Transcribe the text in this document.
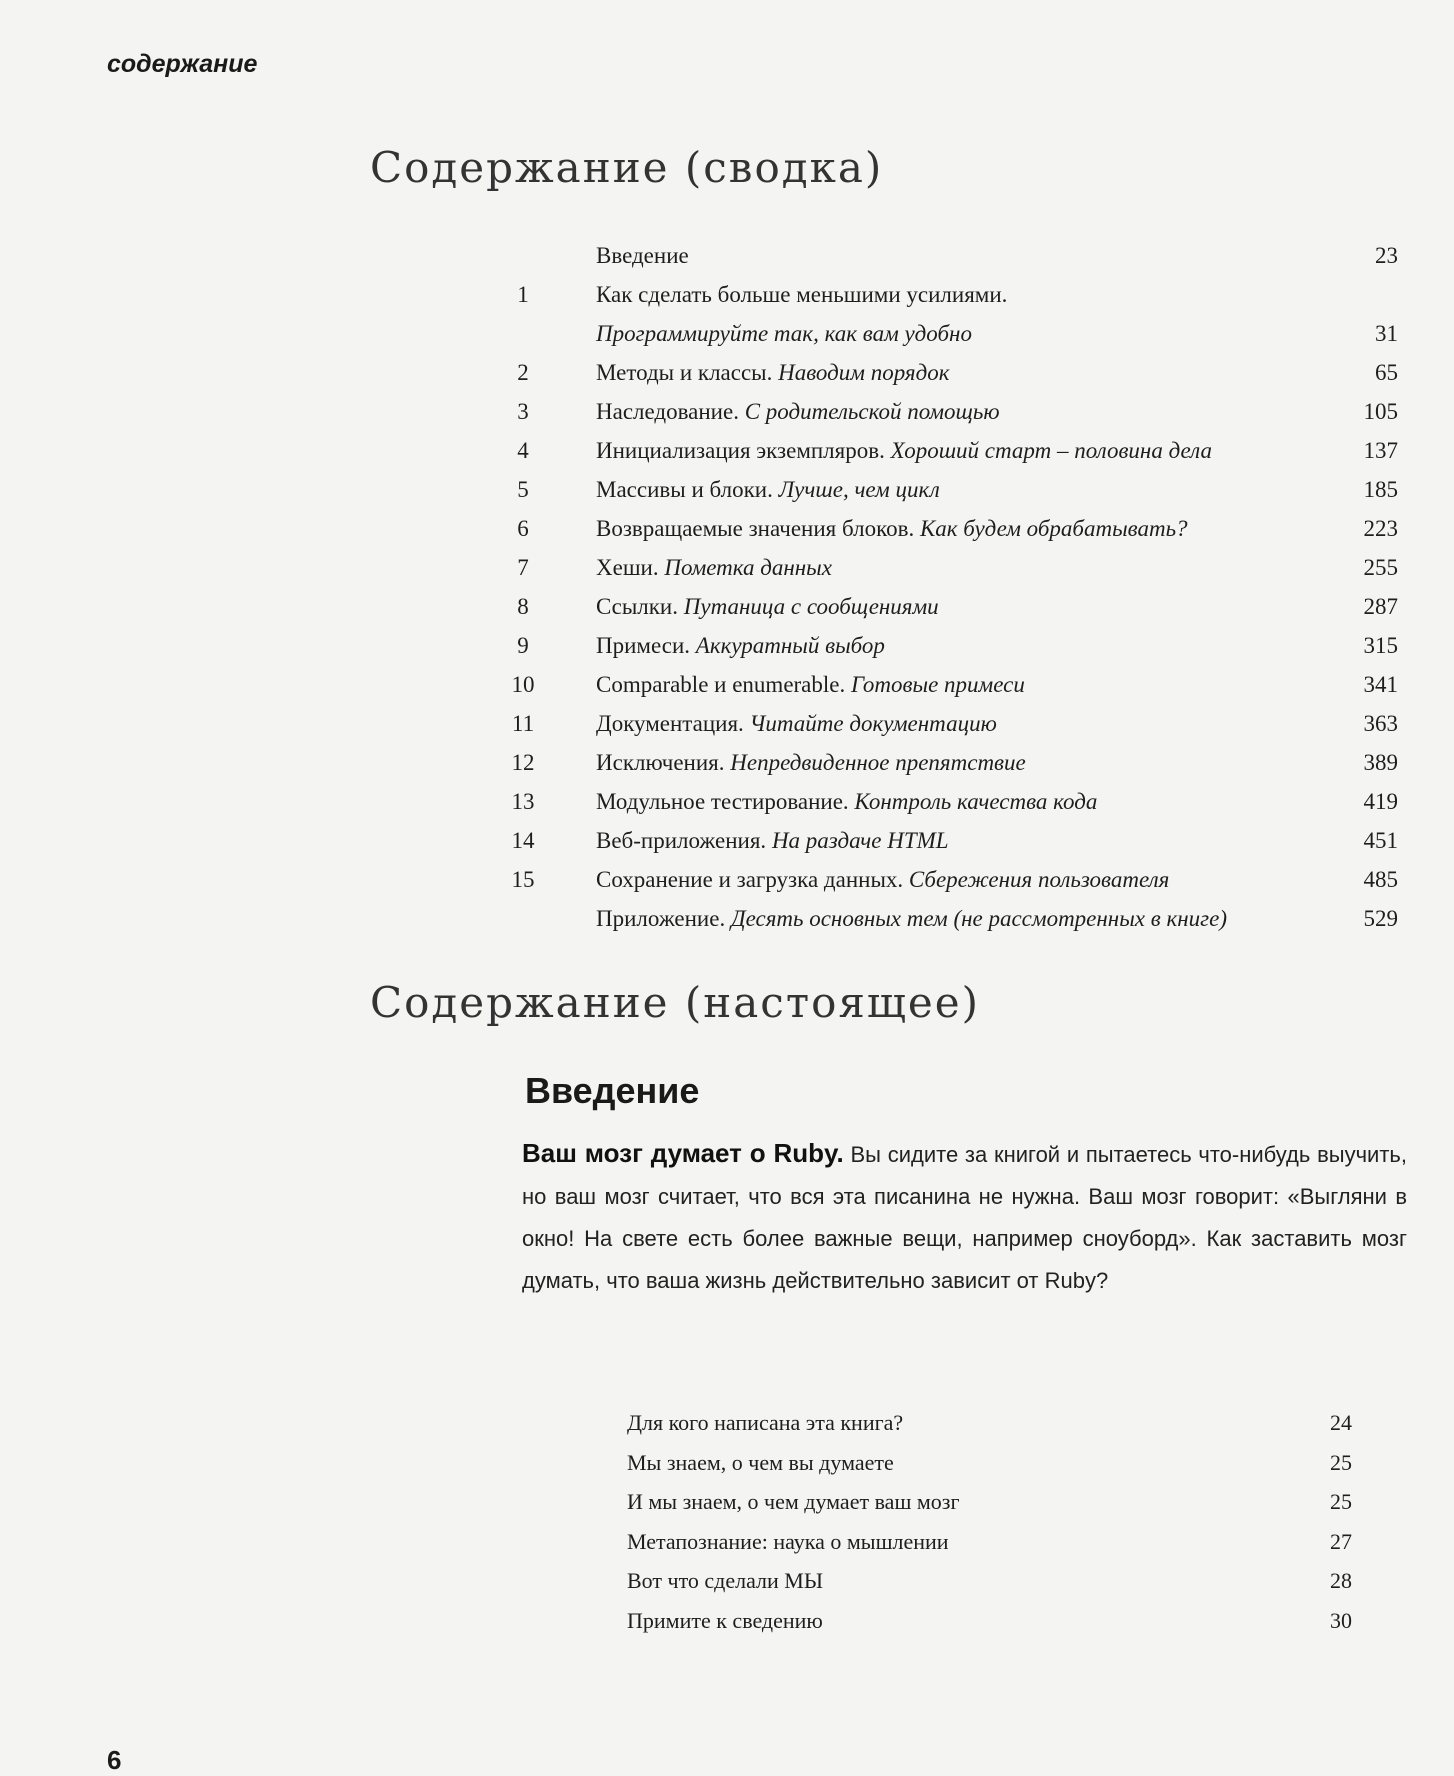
содержание
Содержание (сводка)
Введение	23
1	Как сделать больше меньшими усилиями.
Программируйте так, как вам удобно	31
2	Методы и классы. Наводим порядок	65
3	Наследование. С родительской помощью	105
4	Инициализация экземпляров. Хороший старт – половина дела	137
5	Массивы и блоки. Лучше, чем цикл	185
6	Возвращаемые значения блоков. Как будем обрабатывать?	223
7	Хеши. Пометка данных	255
8	Ссылки. Путаница с сообщениями	287
9	Примеси. Аккуратный выбор	315
10	Comparable и enumerable. Готовые примеси	341
11	Документация. Читайте документацию	363
12	Исключения. Непредвиденное препятствие	389
13	Модульное тестирование. Контроль качества кода	419
14	Веб-приложения. На раздаче HTML	451
15	Сохранение и загрузка данных. Сбережения пользователя	485
Приложение. Десять основных тем (не рассмотренных в книге)	529
Содержание (настоящее)
Введение
Ваш мозг думает о Ruby. Вы сидите за книгой и пытаетесь что-нибудь выучить, но ваш мозг считает, что вся эта писанина не нужна. Ваш мозг говорит: «Выгляни в окно! На свете есть более важные вещи, например сноуборд». Как заставить мозг думать, что ваша жизнь действительно зависит от Ruby?
Для кого написана эта книга?	24
Мы знаем, о чем вы думаете	25
И мы знаем, о чем думает ваш мозг	25
Метапознание: наука о мышлении	27
Вот что сделали МЫ	28
Примите к сведению	30
6
